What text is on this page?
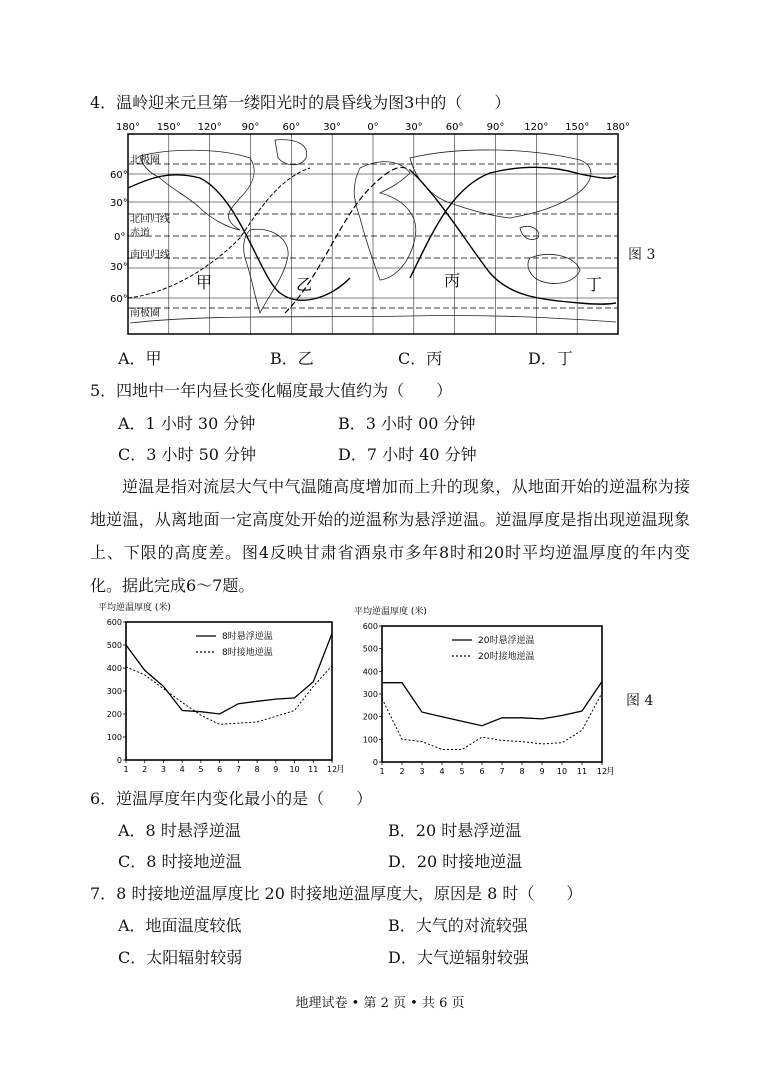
4．温岭迎来元旦第一缕阳光时的晨昏线为图3中的（　　）
180° 150° 120° 90° 60° 30°	0°	30° 60° 90° 120° 150° 180°
60°
30°
0°
30°
60°
北极圈
北回归线
赤道
南回归线
南极圈
甲	乙	丙	丁
图 3
A．甲	B．乙	C．丙	D．丁
5．四地中一年内昼长变化幅度最大值约为（　　）
A．1 小时 30 分钟	B．3 小时 00 分钟
C．3 小时 50 分钟	D．7 小时 40 分钟
逆温是指对流层大气中气温随高度增加而上升的现象，从地面开始的逆温称为接地逆温，从离地面一定高度处开始的逆温称为悬浮逆温。逆温厚度是指出现逆温现象上、下限的高度差。图4反映甘肃省酒泉市多年8时和20时平均逆温厚度的年内变化。据此完成6～7题。
平均逆温厚度 (米)
0
100
200
300
400
500
600
1 2 3 4 5 6 7 8 9 10 11 12
月
8时悬浮逆温
8时接地逆温
平均逆温厚度 (米)
0
100
200
300
400
500
600
1 2 3 4 5 6 7 8 9 10 11 12
月
20时悬浮逆温
20时接地逆温
图 4
6．逆温厚度年内变化最小的是（　　）
A．8 时悬浮逆温	B．20 时悬浮逆温
C．8 时接地逆温	D．20 时接地逆温
7．8 时接地逆温厚度比 20 时接地逆温厚度大，原因是 8 时（　　）
A．地面温度较低	B．大气的对流较强
C．太阳辐射较弱	D．大气逆辐射较强
地理试卷 • 第 2 页 • 共 6 页
